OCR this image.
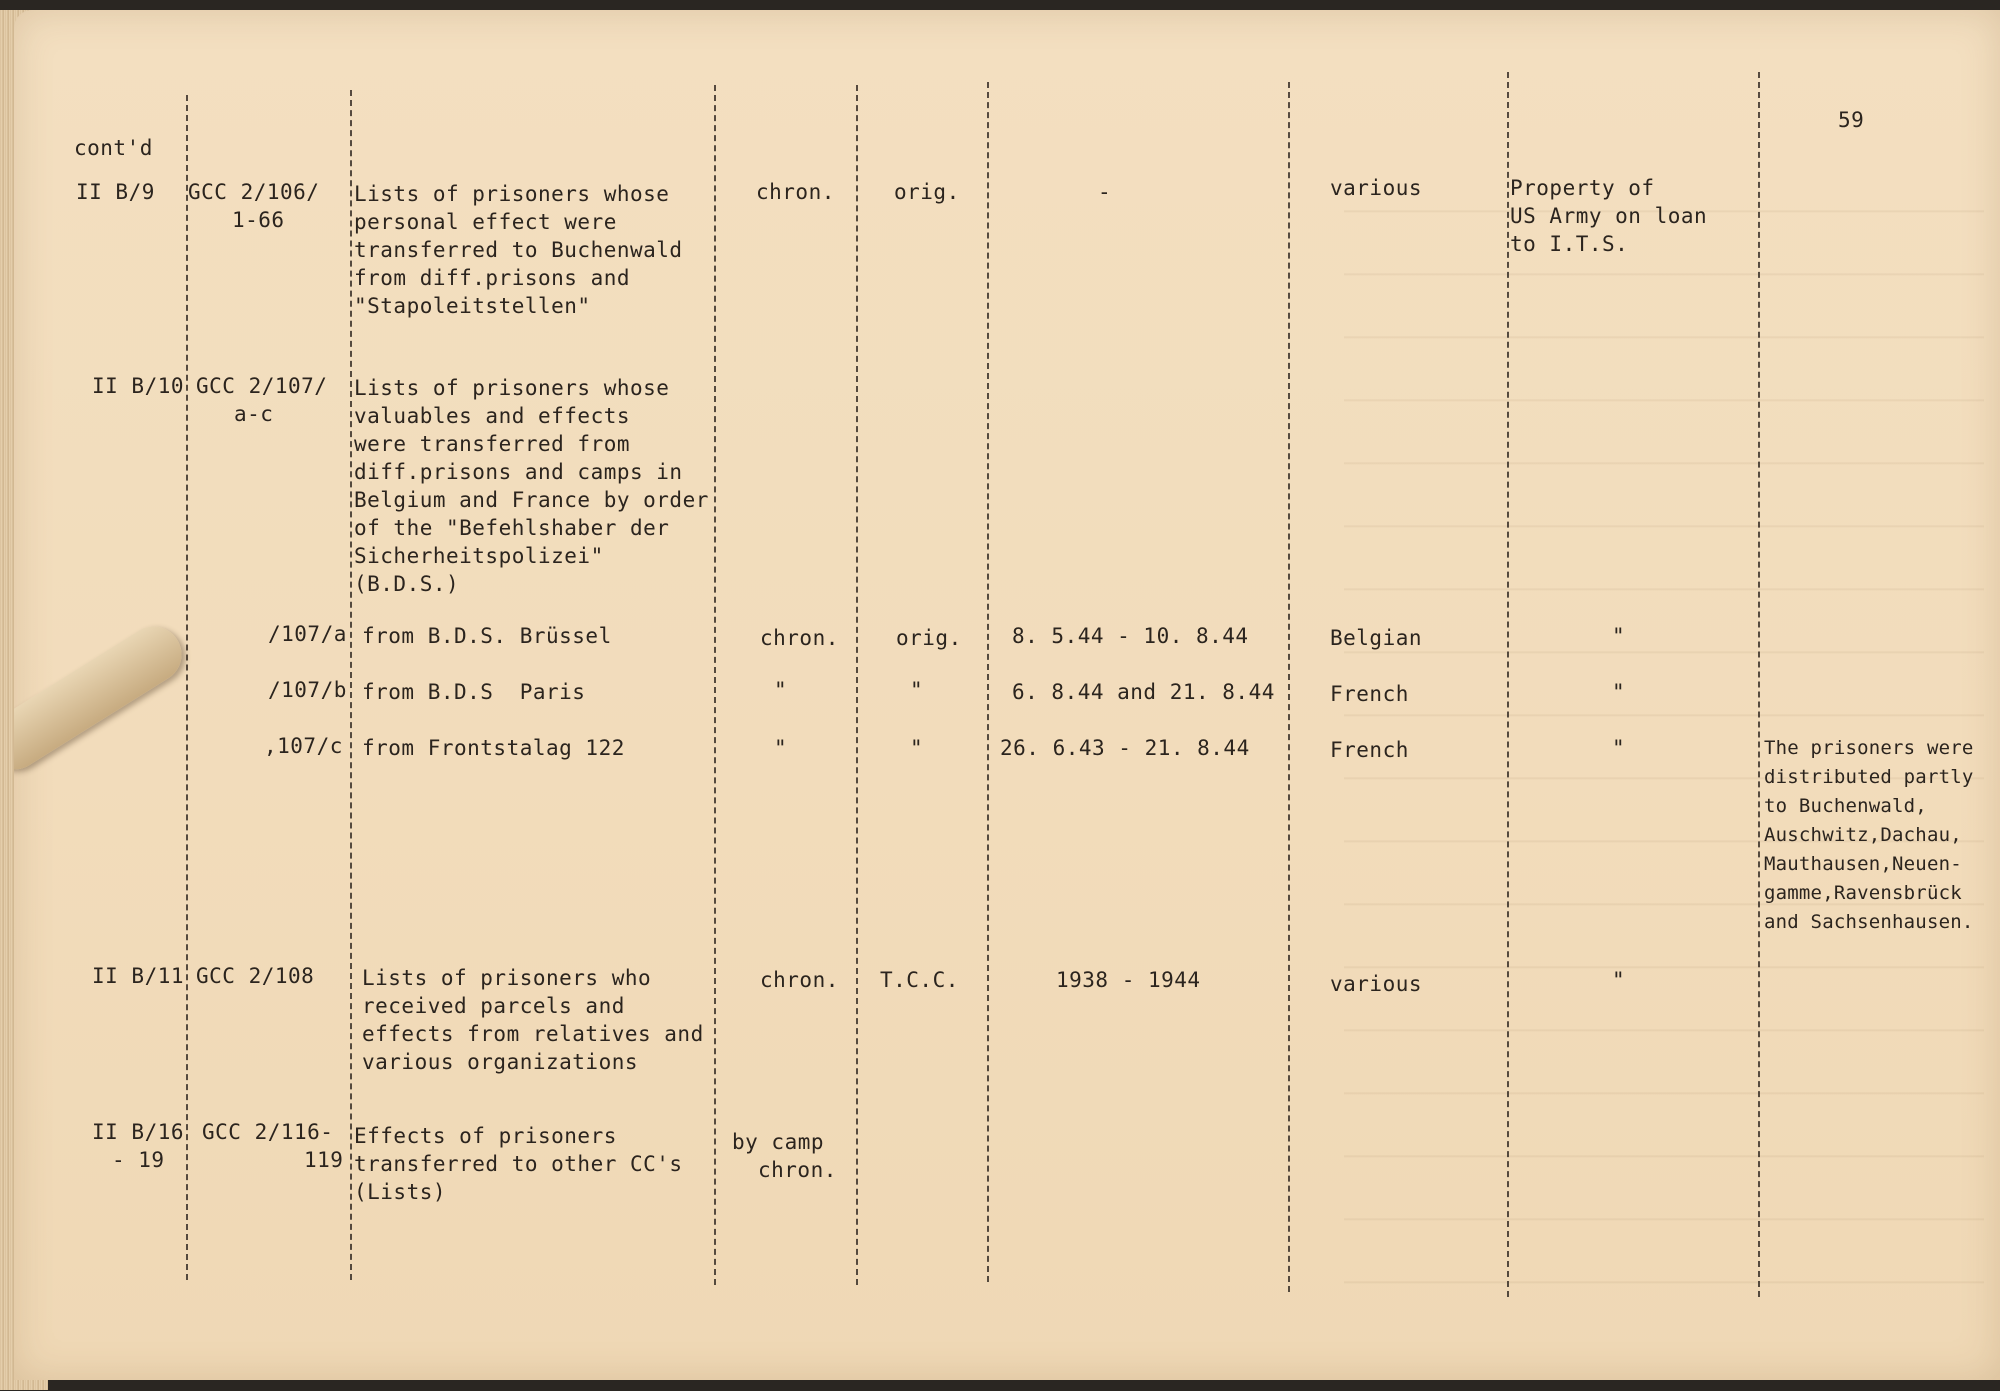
59
cont'd
II B/9 GCC 2/106/
1-66
Lists of prisoners whose
personal effect were
transferred to Buchenwald
from diff.prisons and
"Stapoleitstellen"
chron.	orig.	-	various	Property of
US Army on loan
to I.T.S.
II B/10 GCC 2/107/
a-c
Lists of prisoners whose
valuables and effects
were transferred from
diff.prisons and camps in
Belgium and France by order
of the "Befehlshaber der
Sicherheitspolizei"
(B.D.S.)
/107/a from B.D.S. Brüssel	chron.	orig. 8. 5.44 - 10. 8.44	Belgian	"
/107/b from B.D.S  Paris	"	"	6. 8.44 and 21. 8.44	French	"
,107/c from Frontstalag 122	"	"	26. 6.43 - 21. 8.44	French	"	The prisoners were
distributed partly
to Buchenwald,
Auschwitz,Dachau,
Mauthausen,Neuen-
gamme,Ravensbrück
and Sachsenhausen.
II B/11 GCC 2/108 Lists of prisoners who
received parcels and
effects from relatives and
various organizations
chron. T.C.C.	1938 - 1944	various	"
II B/16
- 19
GCC 2/116-
119
Effects of prisoners
transferred to other CC's
(Lists)
by camp
chron.
